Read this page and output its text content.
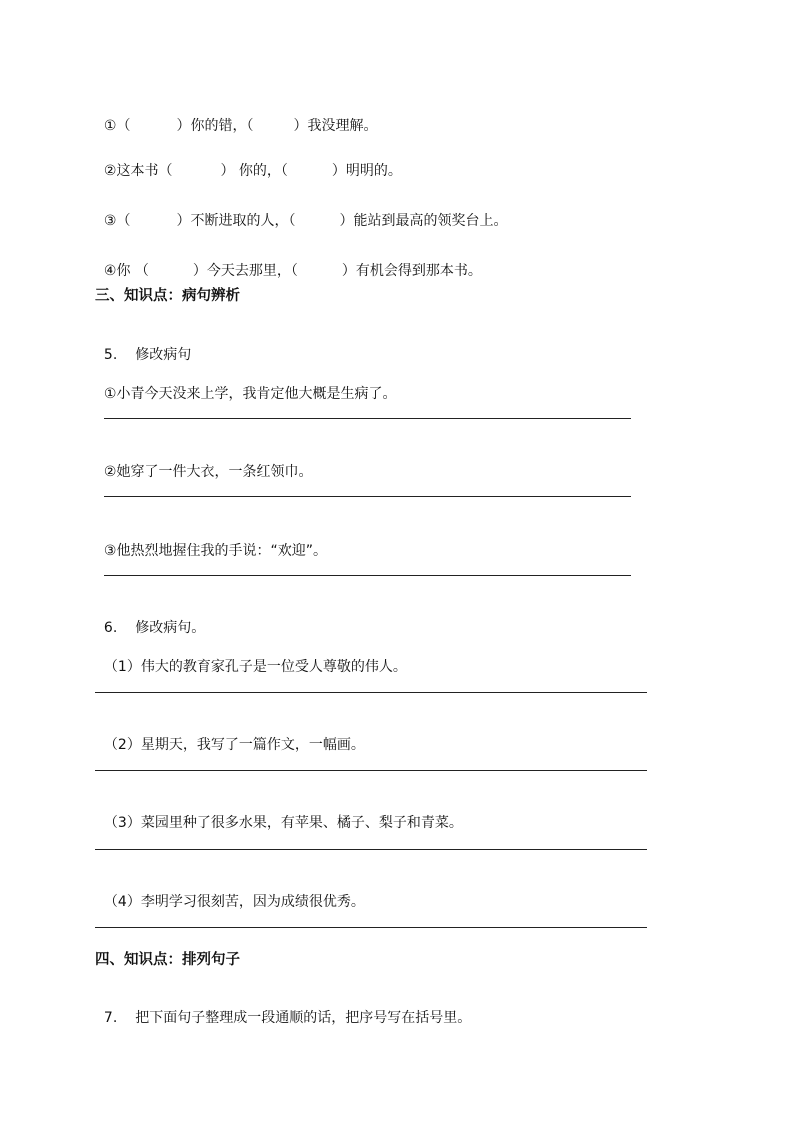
①（	）你的错，（	）我没理解。

②这本书（	） 你的，（	）明明的。

③（	）不断进取的人，（	）能站到最高的领奖台上。

④你 （	）今天去那里，（	）有机会得到那本书。

三、知识点：病句辨析

5. 修改病句

①小青今天没来上学，我肯定他大概是生病了。

②她穿了一件大衣，一条红领巾。

③他热烈地握住我的手说：“欢迎”。

6. 修改病句。

（1）伟大的教育家孔子是一位受人尊敬的伟人。

（2）星期天，我写了一篇作文，一幅画。

（3）菜园里种了很多水果，有苹果、橘子、梨子和青菜。

（4）李明学习很刻苦，因为成绩很优秀。

四、知识点：排列句子

7. 把下面句子整理成一段通顺的话，把序号写在括号里。
